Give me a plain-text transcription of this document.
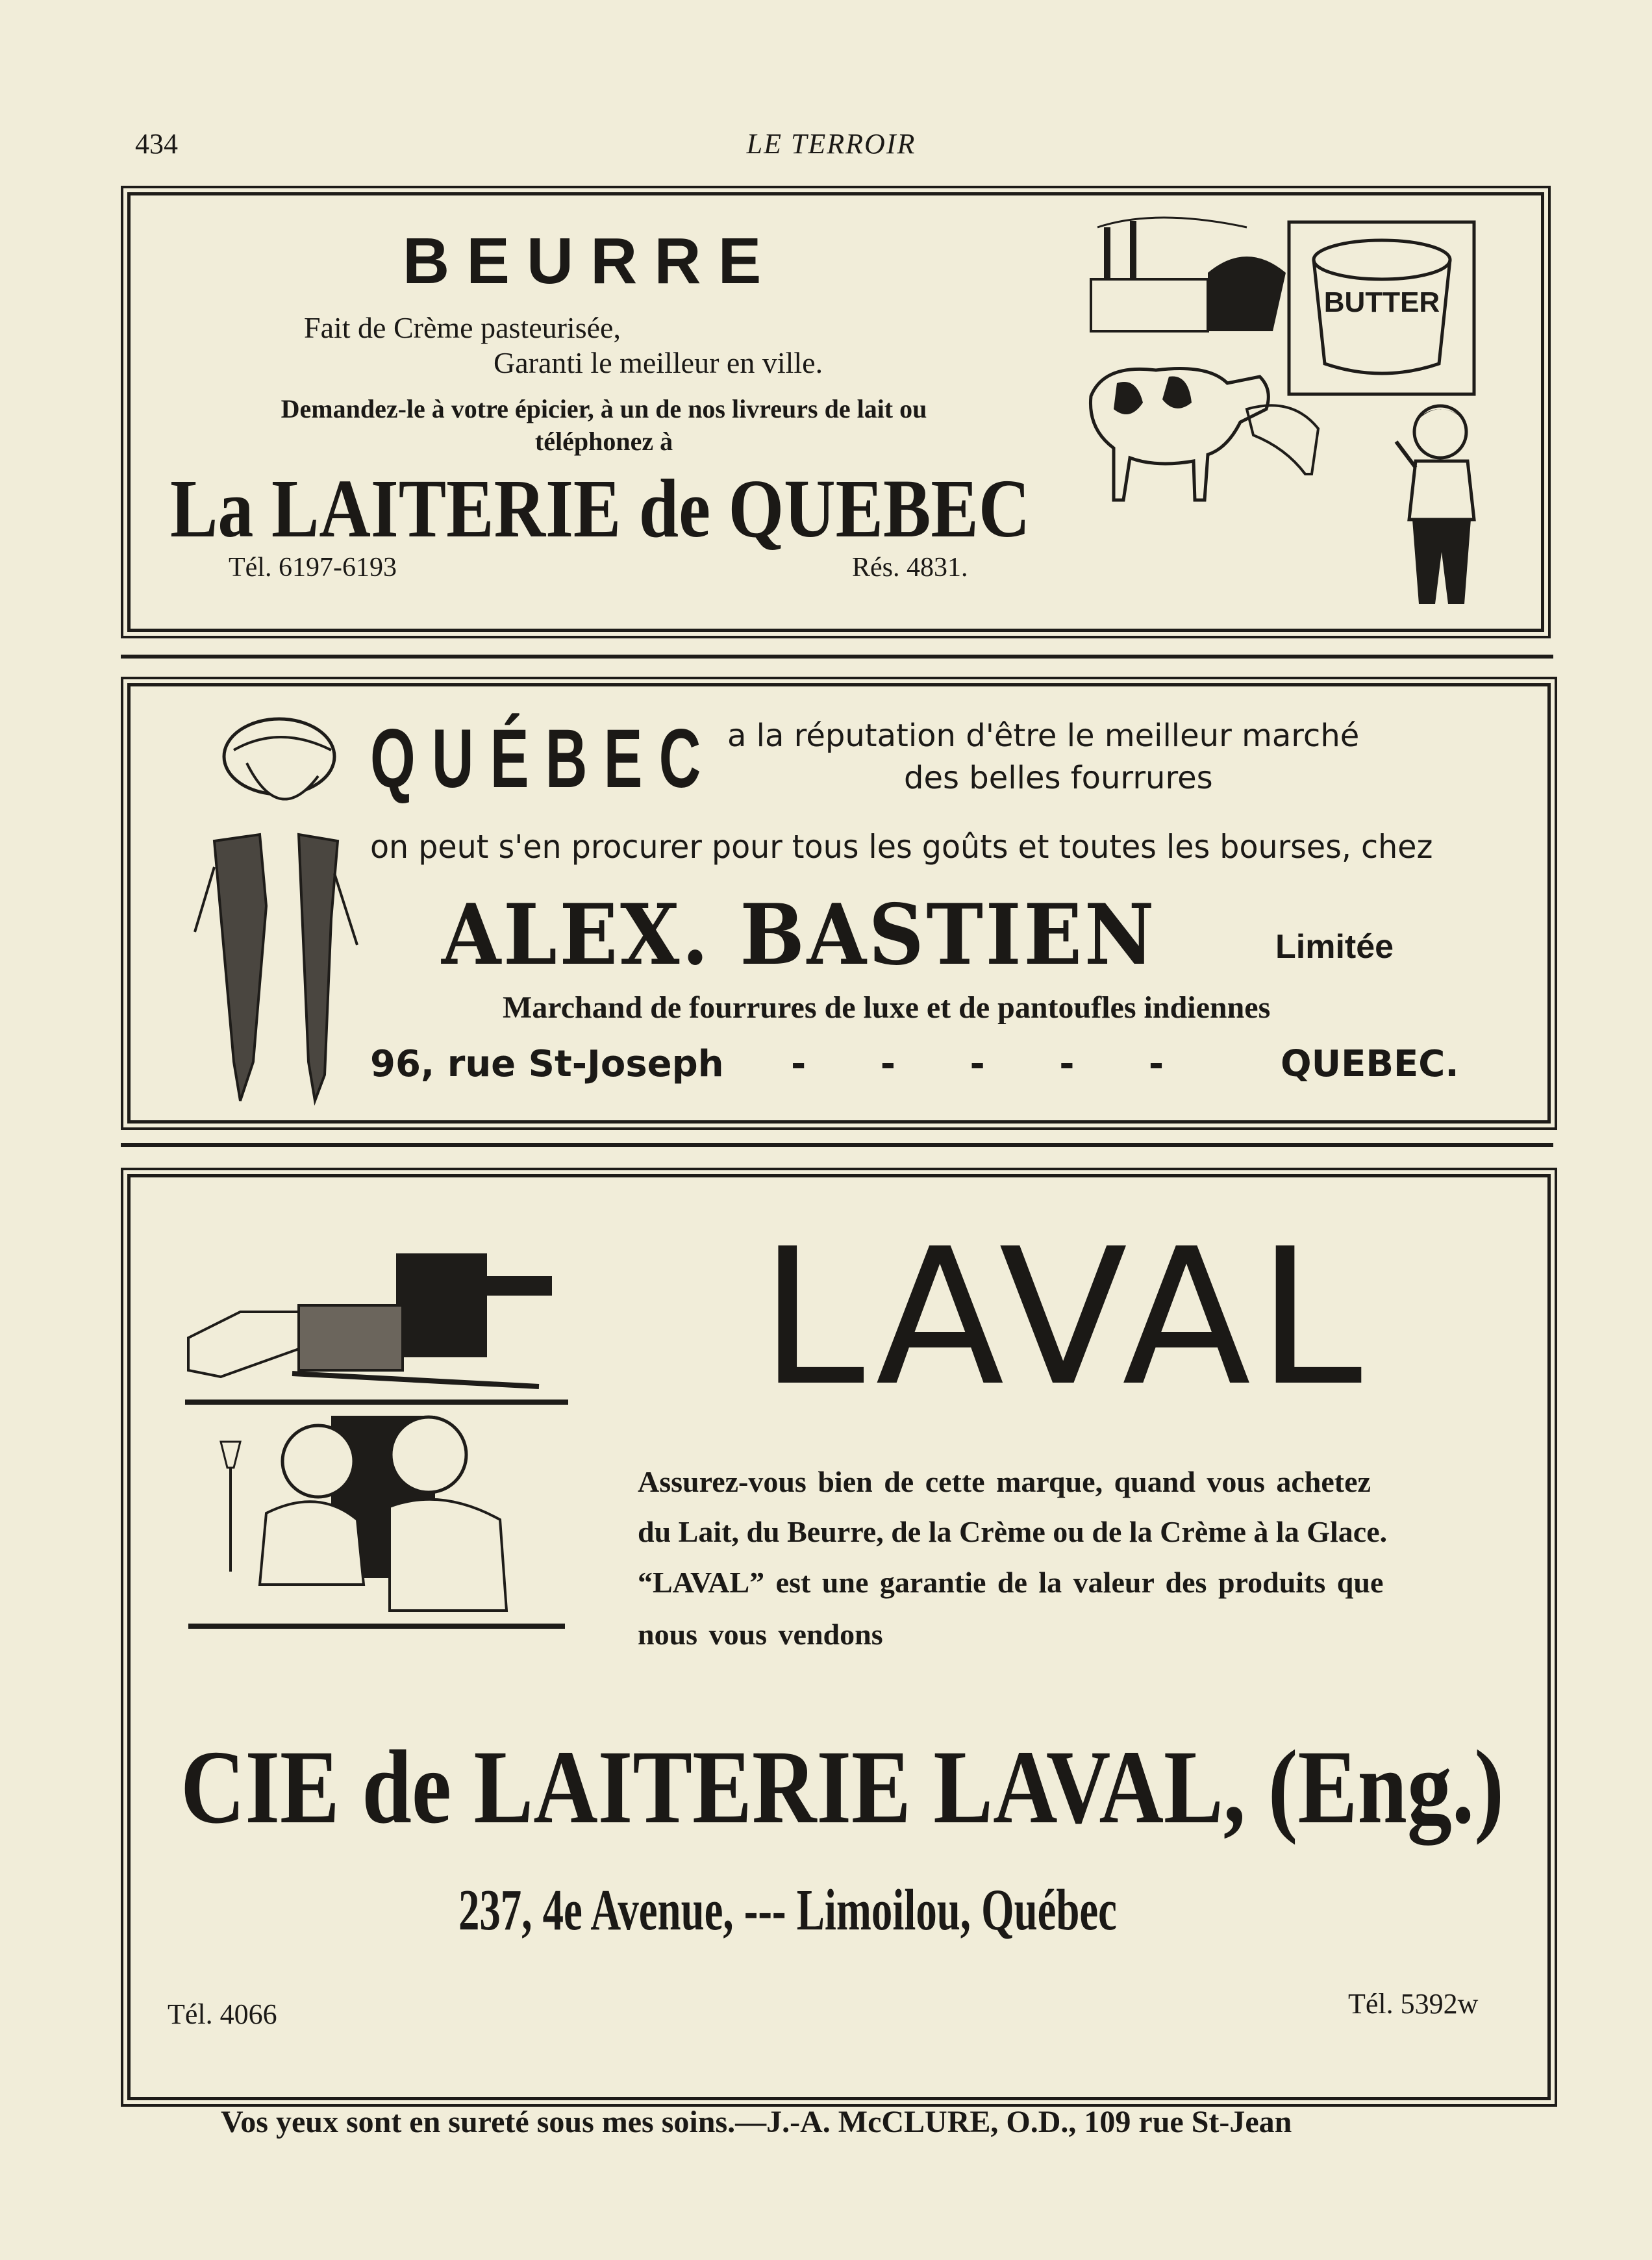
434	LE TERROIR
BEURRE
Fait de Crème pasteurisée,
Garanti le meilleur en ville.
Demandez-le à votre épicier, à un de nos livreurs de lait ou
téléphonez à
La LAITERIE de QUEBEC
Tél. 6197-6193	Rés. 4831.
BUTTER
QUÉBEC a la réputation d'être le meilleur marché
des belles fourrures
on peut s'en procurer pour tous les goûts et toutes les bourses, chez
ALEX. BASTIEN	Limitée
Marchand de fourrures de luxe et de pantoufles indiennes
96, rue St-Joseph -   -   -   -   -	QUEBEC.
LAVAL
Assurez-vous bien de cette marque, quand vous achetez
du Lait, du Beurre, de la Crème ou de la Crème à la Glace.
“LAVAL” est une garantie de la valeur des produits que
nous vous vendons
CIE de LAITERIE LAVAL, (Eng.)
237, 4e Avenue, --- Limoilou, Québec
Tél. 4066	Tél. 5392w
Vos yeux sont en sureté sous mes soins.—J.-A. McCLURE, O.D., 109 rue St-Jean
